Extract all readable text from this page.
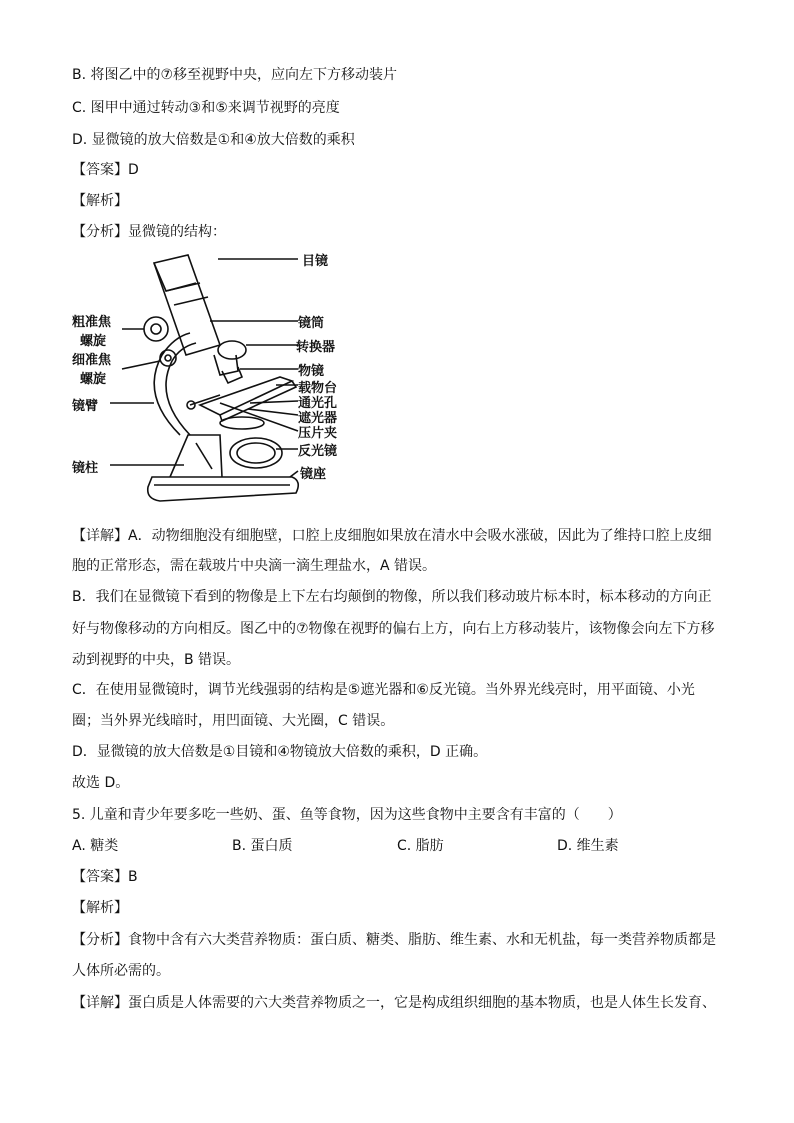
B. 将图乙中的⑦移至视野中央，应向左下方移动装片
C. 图甲中通过转动③和⑤来调节视野的亮度
D. 显微镜的放大倍数是①和④放大倍数的乘积
【答案】D
【解析】
【分析】显微镜的结构：
目镜
粗准焦
螺旋
细准焦
螺旋
镜臂
镜柱
镜筒
转换器
物镜
载物台
通光孔
遮光器
压片夹
反光镜
镜座
【详解】A．动物细胞没有细胞壁，口腔上皮细胞如果放在清水中会吸水涨破，因此为了维持口腔上皮细
胞的正常形态，需在载玻片中央滴一滴生理盐水，A 错误。
B．我们在显微镜下看到的物像是上下左右均颠倒的物像，所以我们移动玻片标本时，标本移动的方向正
好与物像移动的方向相反。图乙中的⑦物像在视野的偏右上方，向右上方移动装片，该物像会向左下方移
动到视野的中央，B 错误。
C．在使用显微镜时，调节光线强弱的结构是⑤遮光器和⑥反光镜。当外界光线亮时，用平面镜、小光
圈；当外界光线暗时，用凹面镜、大光圈，C 错误。
D．显微镜的放大倍数是①目镜和④物镜放大倍数的乘积，D 正确。
故选 D。
5. 儿童和青少年要多吃一些奶、蛋、鱼等食物，因为这些食物中主要含有丰富的（　　）
A. 糖类	B. 蛋白质	C. 脂肪	D. 维生素
【答案】B
【解析】
【分析】食物中含有六大类营养物质：蛋白质、糖类、脂肪、维生素、水和无机盐，每一类营养物质都是
人体所必需的。
【详解】蛋白质是人体需要的六大类营养物质之一，它是构成组织细胞的基本物质，也是人体生长发育、
